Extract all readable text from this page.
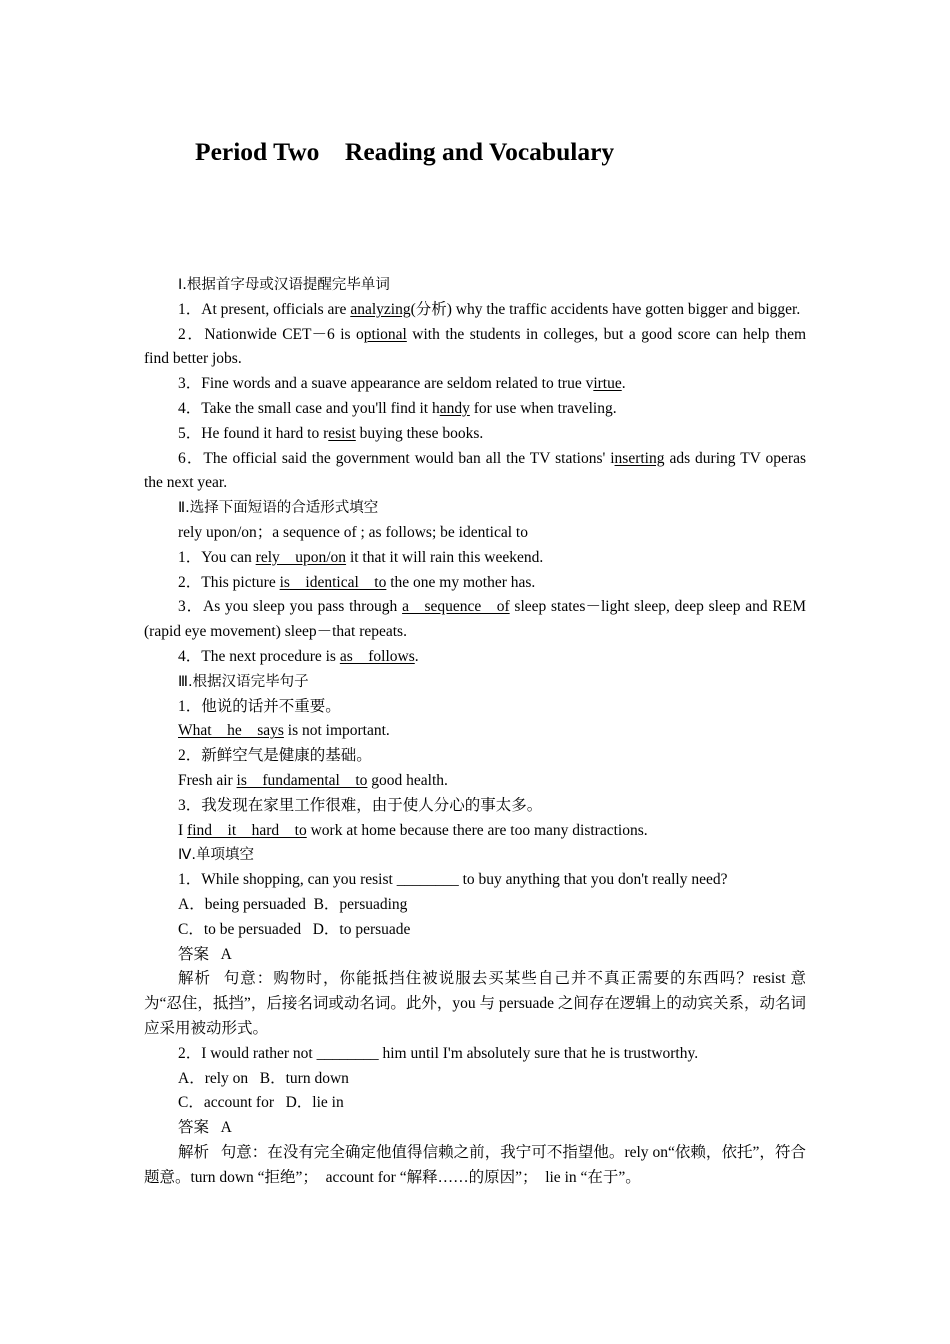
Period Two　Reading and Vocabulary
Ⅰ.根据首字母或汉语提醒完毕单词
1．At present, officials are analyzing(分析) why the traffic accidents have gotten bigger and bigger.
2．Nationwide CET－6 is optional with the students in colleges, but a good score can help them find better jobs.
3．Fine words and a suave appearance are seldom related to true virtue.
4．Take the small case and you'll find it handy for use when traveling.
5．He found it hard to resist buying these books.
6．The official said the government would ban all the TV stations' inserting ads during TV operas the next year.
Ⅱ.选择下面短语的合适形式填空
rely upon/on；a sequence of ; as follows; be identical to
1．You can rely  upon/on it that it will rain this weekend.
2．This picture is  identical  to the one my mother has.
3．As you sleep you pass through a  sequence  of sleep states－light sleep, deep sleep and REM (rapid eye movement) sleep－that repeats.
4．The next procedure is as  follows.
Ⅲ.根据汉语完毕句子
1．他说的话并不重要。
What  he  says is not important.
2．新鲜空气是健康的基础。
Fresh air is  fundamental  to good health.
3．我发现在家里工作很难，由于使人分心的事太多。
I find  it  hard  to work at home because there are too many distractions.
Ⅳ.单项填空
1．While shopping, can you resist ________ to buy anything that you don't really need?
A．being persuaded  B．persuading
C．to be persuaded   D．to persuade
答案  A
解析  句意：购物时，你能抵挡住被说服去买某些自己并不真正需要的东西吗？resist 意为“忍住，抵挡”，后接名词或动名词。此外，you 与 persuade 之间存在逻辑上的动宾关系，动名词应采用被动形式。
2．I would rather not ________ him until I'm absolutely sure that he is trustworthy.
A．rely on   B．turn down
C．account for   D．lie in
答案  A
解析  句意：在没有完全确定他值得信赖之前，我宁可不指望他。rely on“依赖，依托”，符合题意。turn down “拒绝”；  account for “解释……的原因”；  lie in “在于”。
